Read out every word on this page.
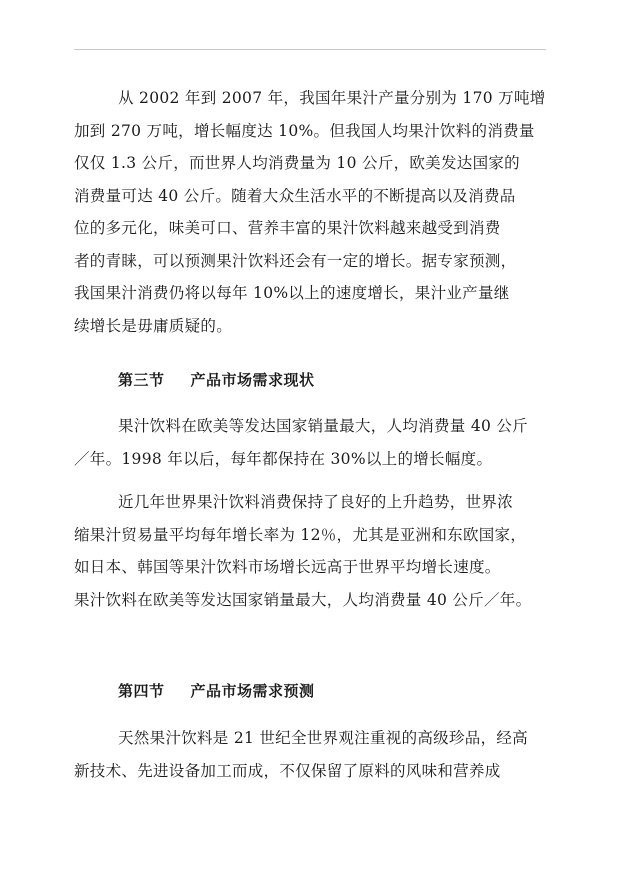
从 2002 年到 2007 年，我国年果汁产量分别为 170 万吨增
加到 270 万吨，增长幅度达 10%。但我国人均果汁饮料的消费量
仅仅 1.3 公斤，而世界人均消费量为 10 公斤，欧美发达国家的
消费量可达 40 公斤。随着大众生活水平的不断提高以及消费品
位的多元化，味美可口、营养丰富的果汁饮料越来越受到消费
者的青睐，可以预测果汁饮料还会有一定的增长。据专家预测，
我国果汁消费仍将以每年 10%以上的速度增长，果汁业产量继
续增长是毋庸质疑的。
第三节 产品市场需求现状
果汁饮料在欧美等发达国家销量最大，人均消费量 40 公斤
／年。1998 年以后，每年都保持在 30%以上的增长幅度。
近几年世界果汁饮料消费保持了良好的上升趋势，世界浓
缩果汁贸易量平均每年增长率为 12％，尤其是亚洲和东欧国家，
如日本、韩国等果汁饮料市场增长远高于世界平均增长速度。
果汁饮料在欧美等发达国家销量最大，人均消费量 40 公斤／年。
第四节 产品市场需求预测
天然果汁饮料是 21 世纪全世界观注重视的高级珍品，经高
新技术、先进设备加工而成，不仅保留了原料的风味和营养成
